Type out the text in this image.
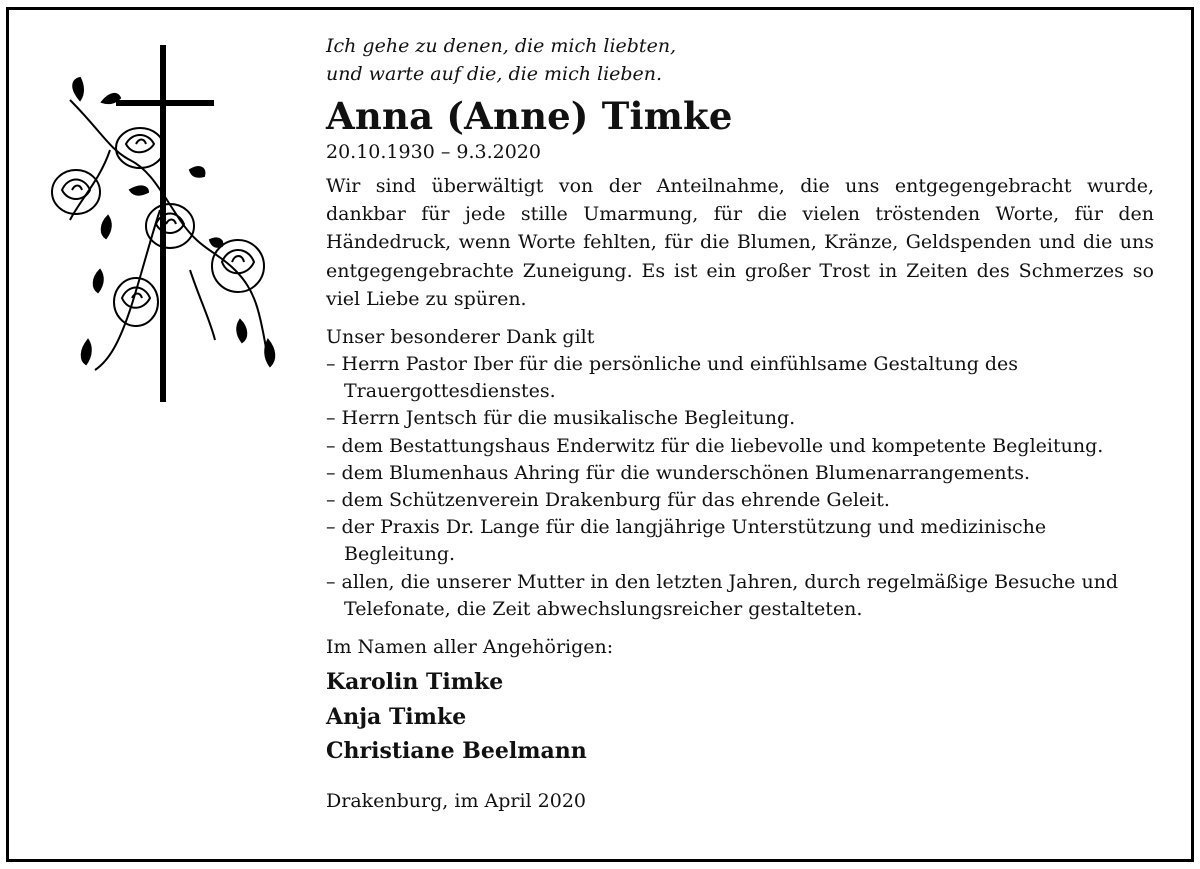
Ich gehe zu denen, die mich liebten,
und warte auf die, die mich lieben.

Anna (Anne) Timke

20.10.1930 – 9.3.2020

Wir sind überwältigt von der Anteilnahme, die uns entgegengebracht wurde, dankbar für jede stille Umarmung, für die vielen tröstenden Worte, für den Händedruck, wenn Worte fehlten, für die Blumen, Kränze, Geldspenden und die uns entgegengebrachte Zuneigung. Es ist ein großer Trost in Zeiten des Schmerzes so viel Liebe zu spüren.

Unser besonderer Dank gilt

– Herrn Pastor Iber für die persönliche und einfühlsame Gestaltung des Trauergottesdienstes.
– Herrn Jentsch für die musikalische Begleitung.
– dem Bestattungshaus Enderwitz für die liebevolle und kompetente Begleitung.
– dem Blumenhaus Ahring für die wunderschönen Blumenarrangements.
– dem Schützenverein Drakenburg für das ehrende Geleit.
– der Praxis Dr. Lange für die langjährige Unterstützung und medizinische Begleitung.
– allen, die unserer Mutter in den letzten Jahren, durch regelmäßige Besuche und Telefonate, die Zeit abwechslungsreicher gestalteten.

Im Namen aller Angehörigen:

Karolin Timke

Anja Timke

Christiane Beelmann

Drakenburg, im April 2020
